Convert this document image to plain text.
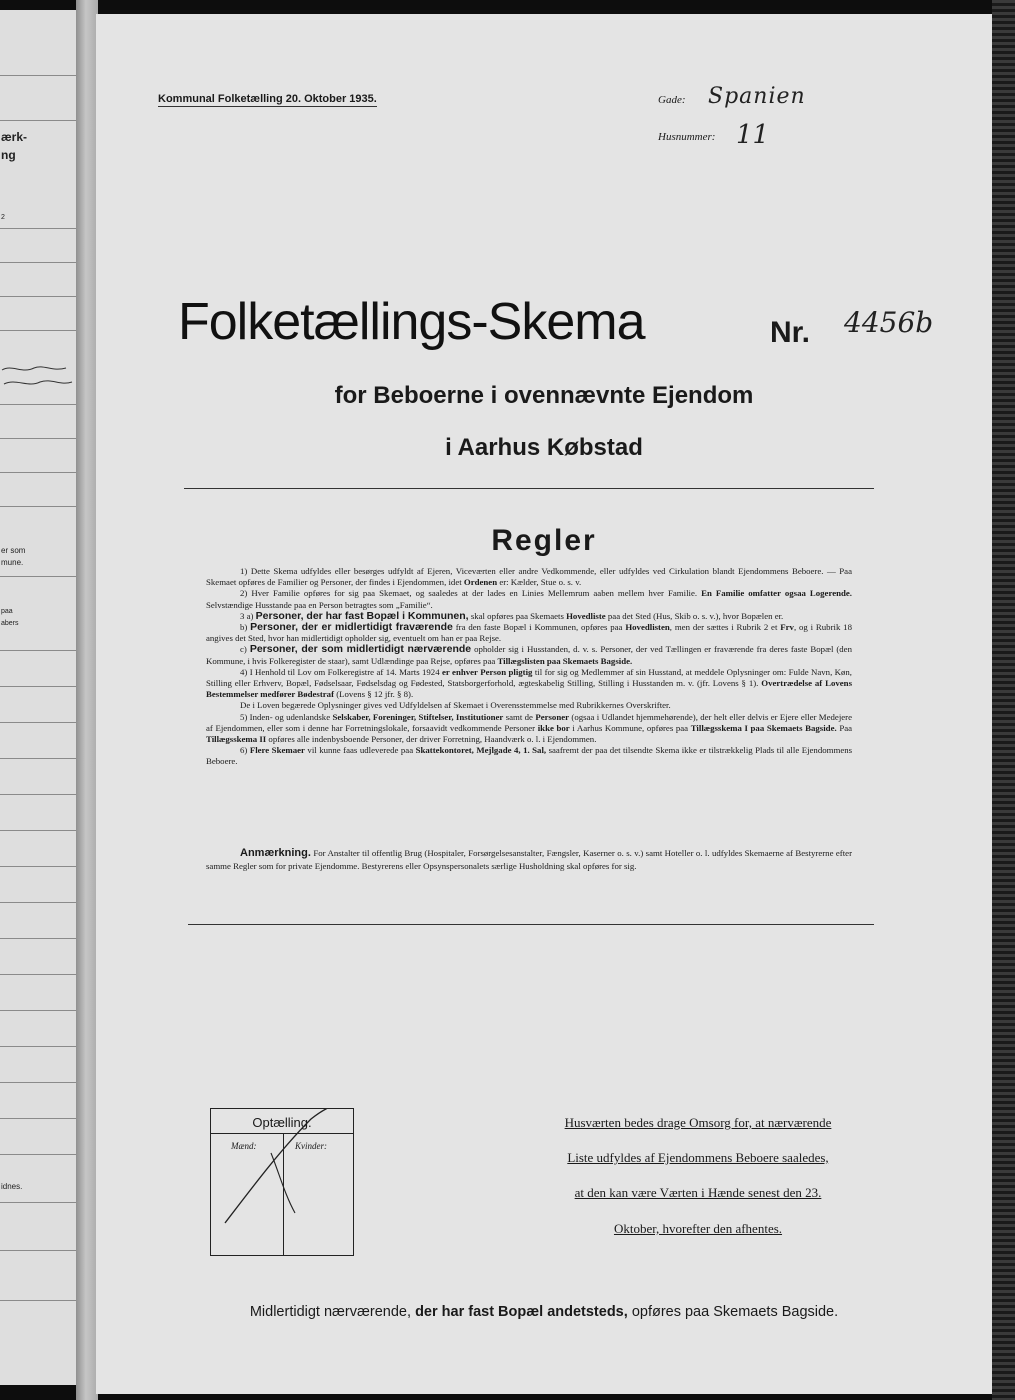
ærk-
ng
2
er som
mune.
paa
abers
idnes.
Kommunal Folketælling 20. Oktober 1935.	Gade: Spanien
Husnummer: 11
Folketællings-Skema	Nr. 4456b
for Beboerne i ovennævnte Ejendom
i Aarhus Købstad
Regler

1) Dette Skema udfyldes eller besørges udfyldt af Ejeren, Viceværten eller andre Vedkommende, eller udfyldes ved Cirkulation blandt Ejendommens Beboere. — Paa Skemaet opføres de Familier og Personer, der findes i Ejendommen, idet Ordenen er: Kælder, Stue o. s. v.

2) Hver Familie opføres for sig paa Skemaet, og saaledes at der lades en Linies Mellemrum aaben mellem hver Familie. En Familie omfatter ogsaa Logerende. Selvstændige Husstande paa en Person betragtes som „Familie“.

3 a) Personer, der har fast Bopæl i Kommunen, skal opføres paa Skemaets Hovedliste paa det Sted (Hus, Skib o. s. v.), hvor Bopælen er.

b) Personer, der er midlertidigt fraværende fra den faste Bopæl i Kommunen, opføres paa Hovedlisten, men der sættes i Rubrik 2 et Frv, og i Rubrik 18 angives det Sted, hvor han midlertidigt opholder sig, eventuelt om han er paa Rejse.

c) Personer, der som midlertidigt nærværende opholder sig i Husstanden, d. v. s. Personer, der ved Tællingen er fraværende fra deres faste Bopæl (den Kommune, i hvis Folkeregister de staar), samt Udlændinge paa Rejse, opføres paa Tillægslisten paa Skemaets Bagside.

4) I Henhold til Lov om Folkeregistre af 14. Marts 1924 er enhver Person pligtig til for sig og Medlemmer af sin Husstand, at meddele Oplysninger om: Fulde Navn, Køn, Stilling eller Erhverv, Bopæl, Fødselsaar, Fødselsdag og Fødested, Statsborgerforhold, ægteskabelig Stilling, Stilling i Husstanden m. v. (jfr. Lovens § 1). Overtrædelse af Lovens Bestemmelser medfører Bødestraf (Lovens § 12 jfr. § 8).

De i Loven begærede Oplysninger gives ved Udfyldelsen af Skemaet i Overensstemmelse med Rubrikkernes Overskrifter.

5) Inden- og udenlandske Selskaber, Foreninger, Stiftelser, Institutioner samt de Personer (ogsaa i Udlandet hjemmehørende), der helt eller delvis er Ejere eller Medejere af Ejendommen, eller som i denne har Forretningslokale, forsaavidt vedkommende Personer ikke bor i Aarhus Kommune, opføres paa Tillægsskema I paa Skemaets Bagside. Paa Tillægsskema II opføres alle indenbysboende Personer, der driver Forretning, Haandværk o. l. i Ejendommen.

6) Flere Skemaer vil kunne faas udleverede paa Skattekontoret, Mejlgade 4, 1. Sal, saafremt der paa det tilsendte Skema ikke er tilstrækkelig Plads til alle Ejendommens Beboere.

Anmærkning. For Anstalter til offentlig Brug (Hospitaler, Forsørgelsesanstalter, Fængsler, Kaserner o. s. v.) samt Hoteller o. l. udfyldes Skemaerne af Bestyrerne efter samme Regler som for private Ejendomme. Bestyrerens eller Opsynspersonalets særlige Husholdning skal opføres for sig.

Optælling.
Mænd:	Kvinder:
Husværten bedes drage Omsorg for, at nærværende
Liste udfyldes af Ejendommens Beboere saaledes,
at den kan være Værten i Hænde senest den 23.
Oktober, hvorefter den afhentes.
Midlertidigt nærværende, der har fast Bopæl andetsteds, opføres paa Skemaets Bagside.
